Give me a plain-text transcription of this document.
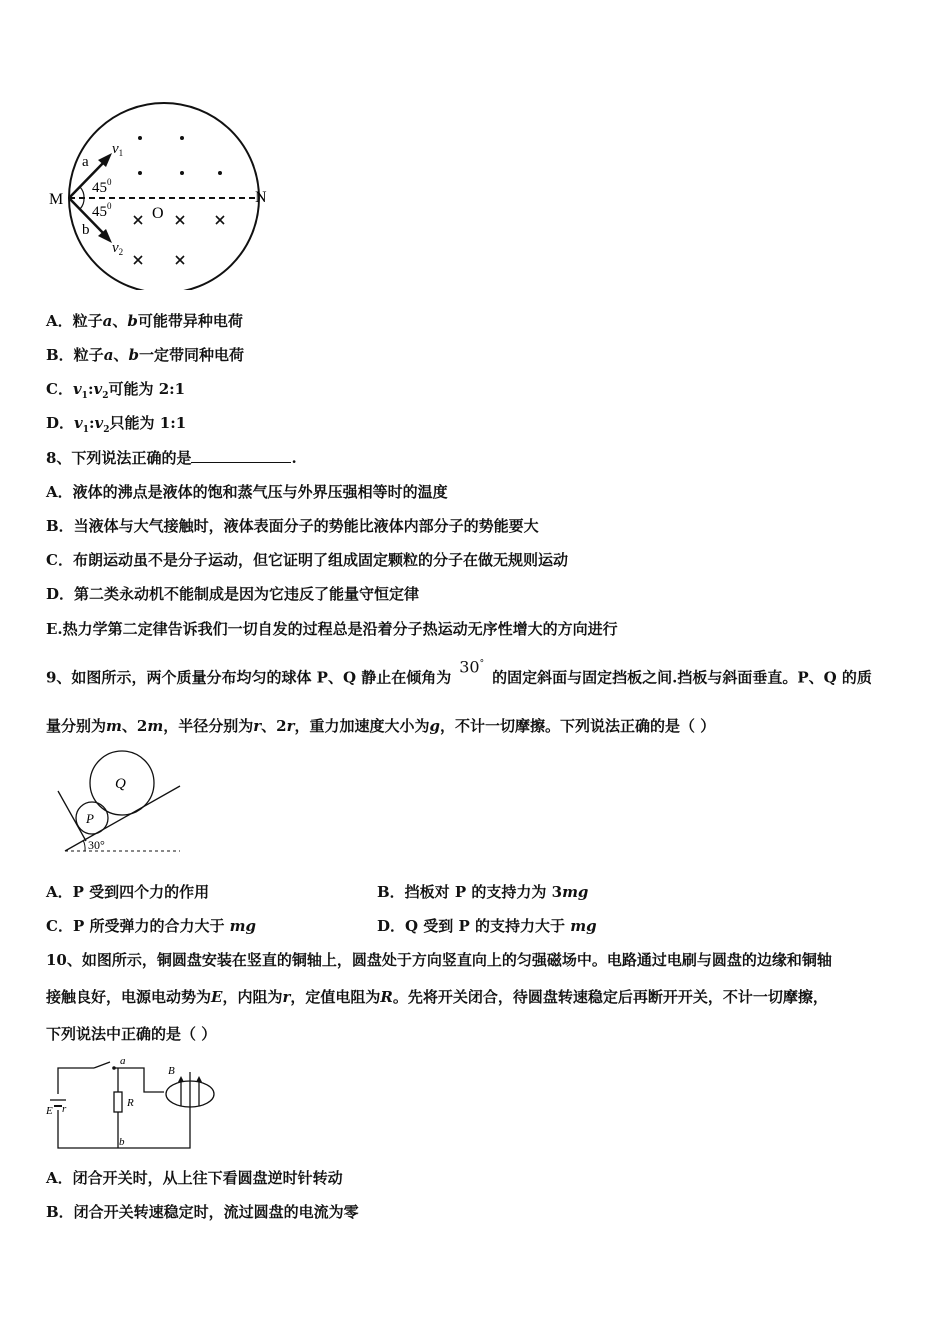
M	N
O
a
b
$v_1$
$v_2$
$45^0$
$45^0$
A．粒子a、b可能带异种电荷
B．粒子a、b一定带同种电荷
C．$v_1:v_2$可能为 2:1
D．$v_1:v_2$只能为 1:1
8、下列说法正确的是	.
A．液体的沸点是液体的饱和蒸气压与外界压强相等时的温度
B．当液体与大气接触时，液体表面分子的势能比液体内部分子的势能要大
C．布朗运动虽不是分子运动，但它证明了组成固定颗粒的分子在做无规则运动
D．第二类永动机不能制成是因为它违反了能量守恒定律
E.热力学第二定律告诉我们一切自发的过程总是沿着分子热运动无序性增大的方向进行
9、如图所示，两个质量分布均匀的球体 P、Q 静止在倾角为30°的固定斜面与固定挡板之间.挡板与斜面垂直。P、Q 的质
量分别为m、2m，半径分别为r、2r，重力加速度大小为g，不计一切摩擦。下列说法正确的是（ ）
Q
P
30°
A．P 受到四个力的作用	B．挡板对 P 的支持力为 3mg
C．P 所受弹力的合力大于 mg	D．Q 受到 P 的支持力大于 mg
10、如图所示，铜圆盘安装在竖直的铜轴上，圆盘处于方向竖直向上的匀强磁场中。电路通过电刷与圆盘的边缘和铜轴
接触良好，电源电动势为E，内阻为r，定值电阻为R。先将开关闭合，待圆盘转速稳定后再断开开关，不计一切摩擦，
下列说法中正确的是（ ）
a
b
R
E r
B
A．闭合开关时，从上往下看圆盘逆时针转动
B．闭合开关转速稳定时，流过圆盘的电流为零
